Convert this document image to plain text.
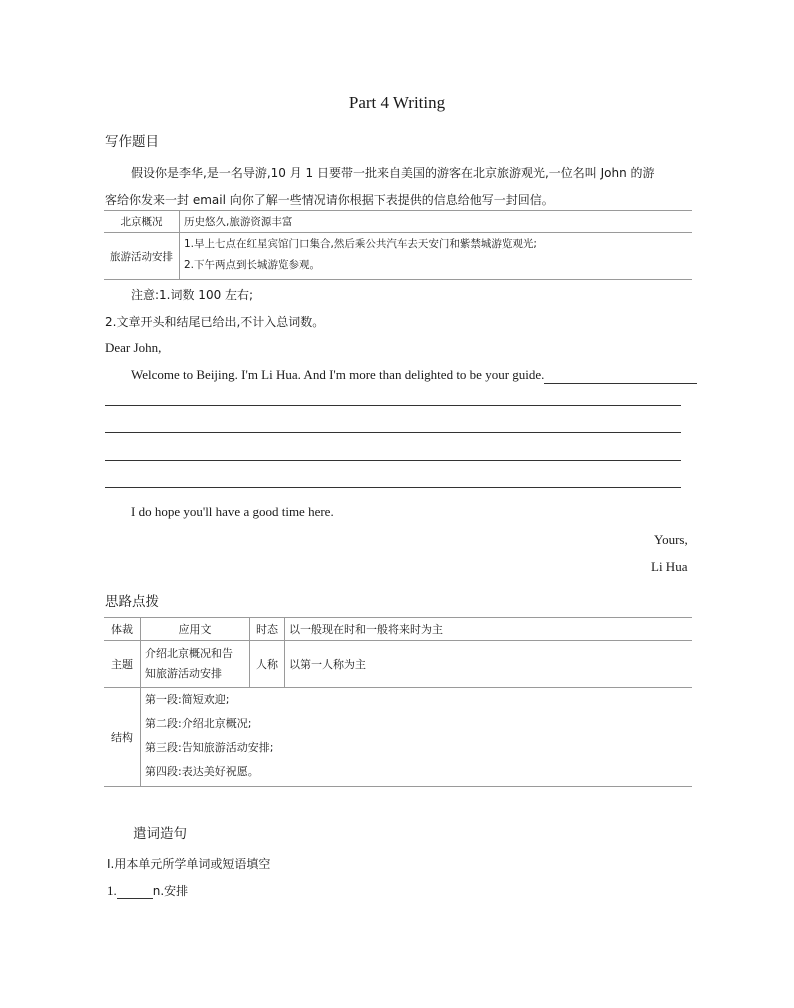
Part 4 Writing
写作题目
假设你是李华,是一名导游,10 月 1 日要带一批来自美国的游客在北京旅游观光,一位名叫 John 的游
客给你发来一封 email 向你了解一些情况请你根据下表提供的信息给他写一封回信。
北京概况	历史悠久,旅游资源丰富
旅游活动安排	1.早上七点在红星宾馆门口集合,然后乘公共汽车去天安门和紫禁城游览观光;
2.下午两点到长城游览参观。
注意:1.词数 100 左右;
2.文章开头和结尾已给出,不计入总词数。
Dear John,
Welcome to Beijing. I'm Li Hua. And I'm more than delighted to be your guide.
I do hope you'll have a good time here.
Yours,
Li Hua
思路点拨
体裁	应用文	时态	以一般现在时和一般将来时为主
主题	介绍北京概况和告
知旅游活动安排	人称	以第一人称为主
结构	第一段:简短欢迎;
第二段:介绍北京概况;
第三段:告知旅游活动安排;
第四段:表达美好祝愿。		
遣词造句
Ⅰ.用本单元所学单词或短语填空
1.	n.安排
